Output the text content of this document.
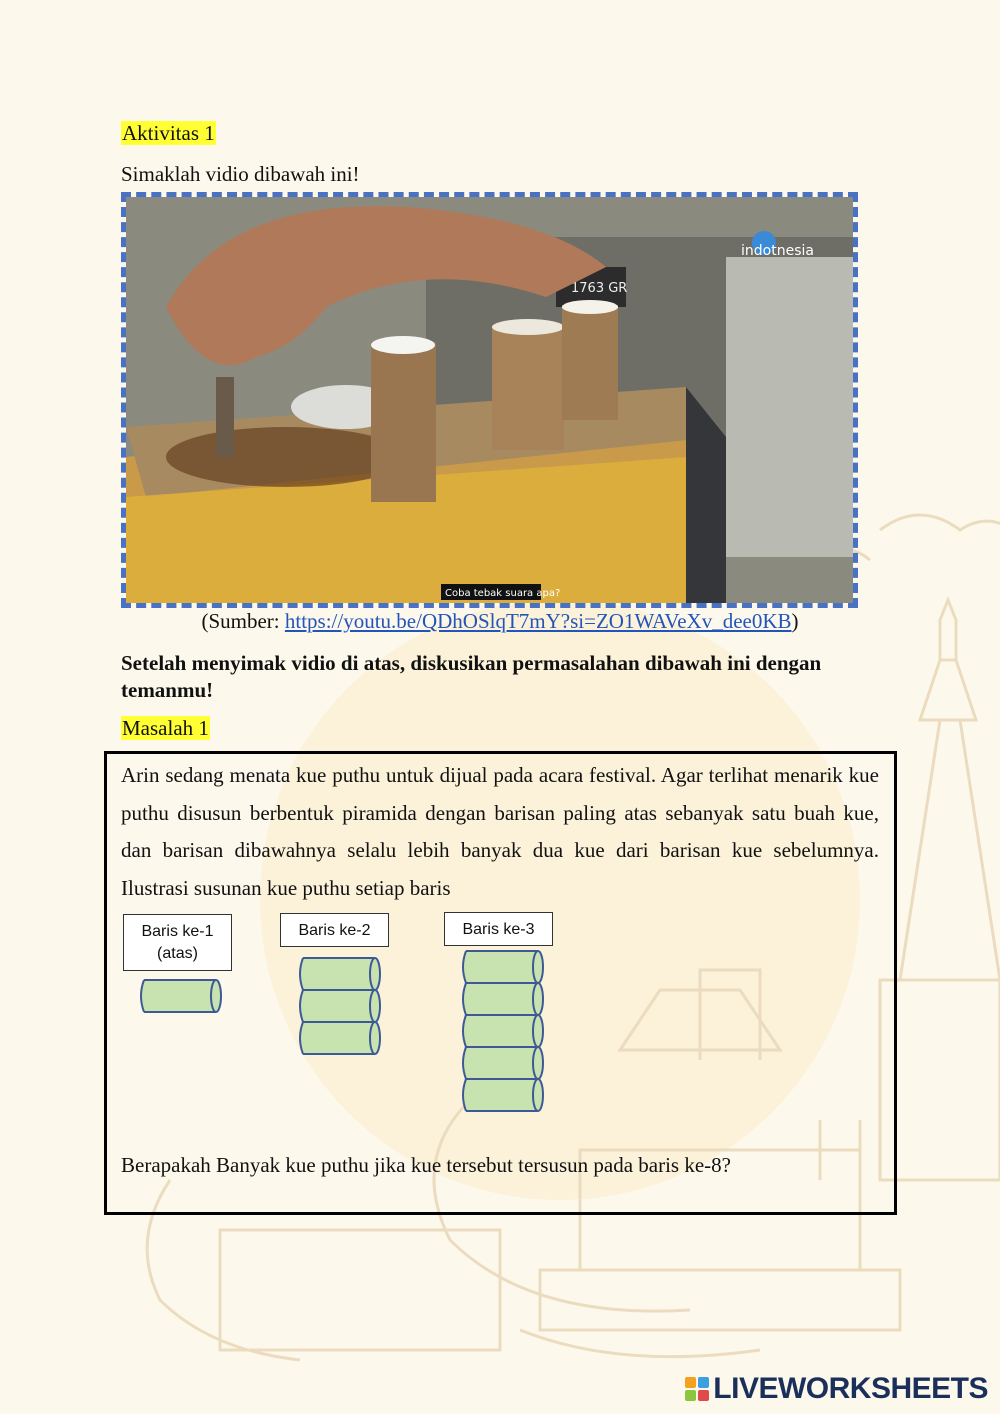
Aktivitas 1
Simaklah vidio dibawah ini!
1763 GR
indotnesia
Coba tebak suara apa?
(Sumber: https://youtu.be/QDhOSlqT7mY?si=ZO1WAVeXv_dee0KB)
Setelah menyimak vidio di atas, diskusikan permasalahan dibawah ini dengan temanmu!
Masalah 1
Arin sedang menata kue puthu untuk dijual pada acara festival. Agar terlihat menarik kue puthu disusun berbentuk piramida dengan barisan paling atas sebanyak satu buah kue, dan barisan dibawahnya selalu lebih banyak dua kue dari barisan kue sebelumnya. Ilustrasi susunan kue puthu setiap baris
Baris ke-1 (atas)
Baris ke-2	Baris ke-3
Berapakah Banyak kue puthu jika kue tersebut tersusun pada baris ke-8?
LIVEWORKSHEETS
